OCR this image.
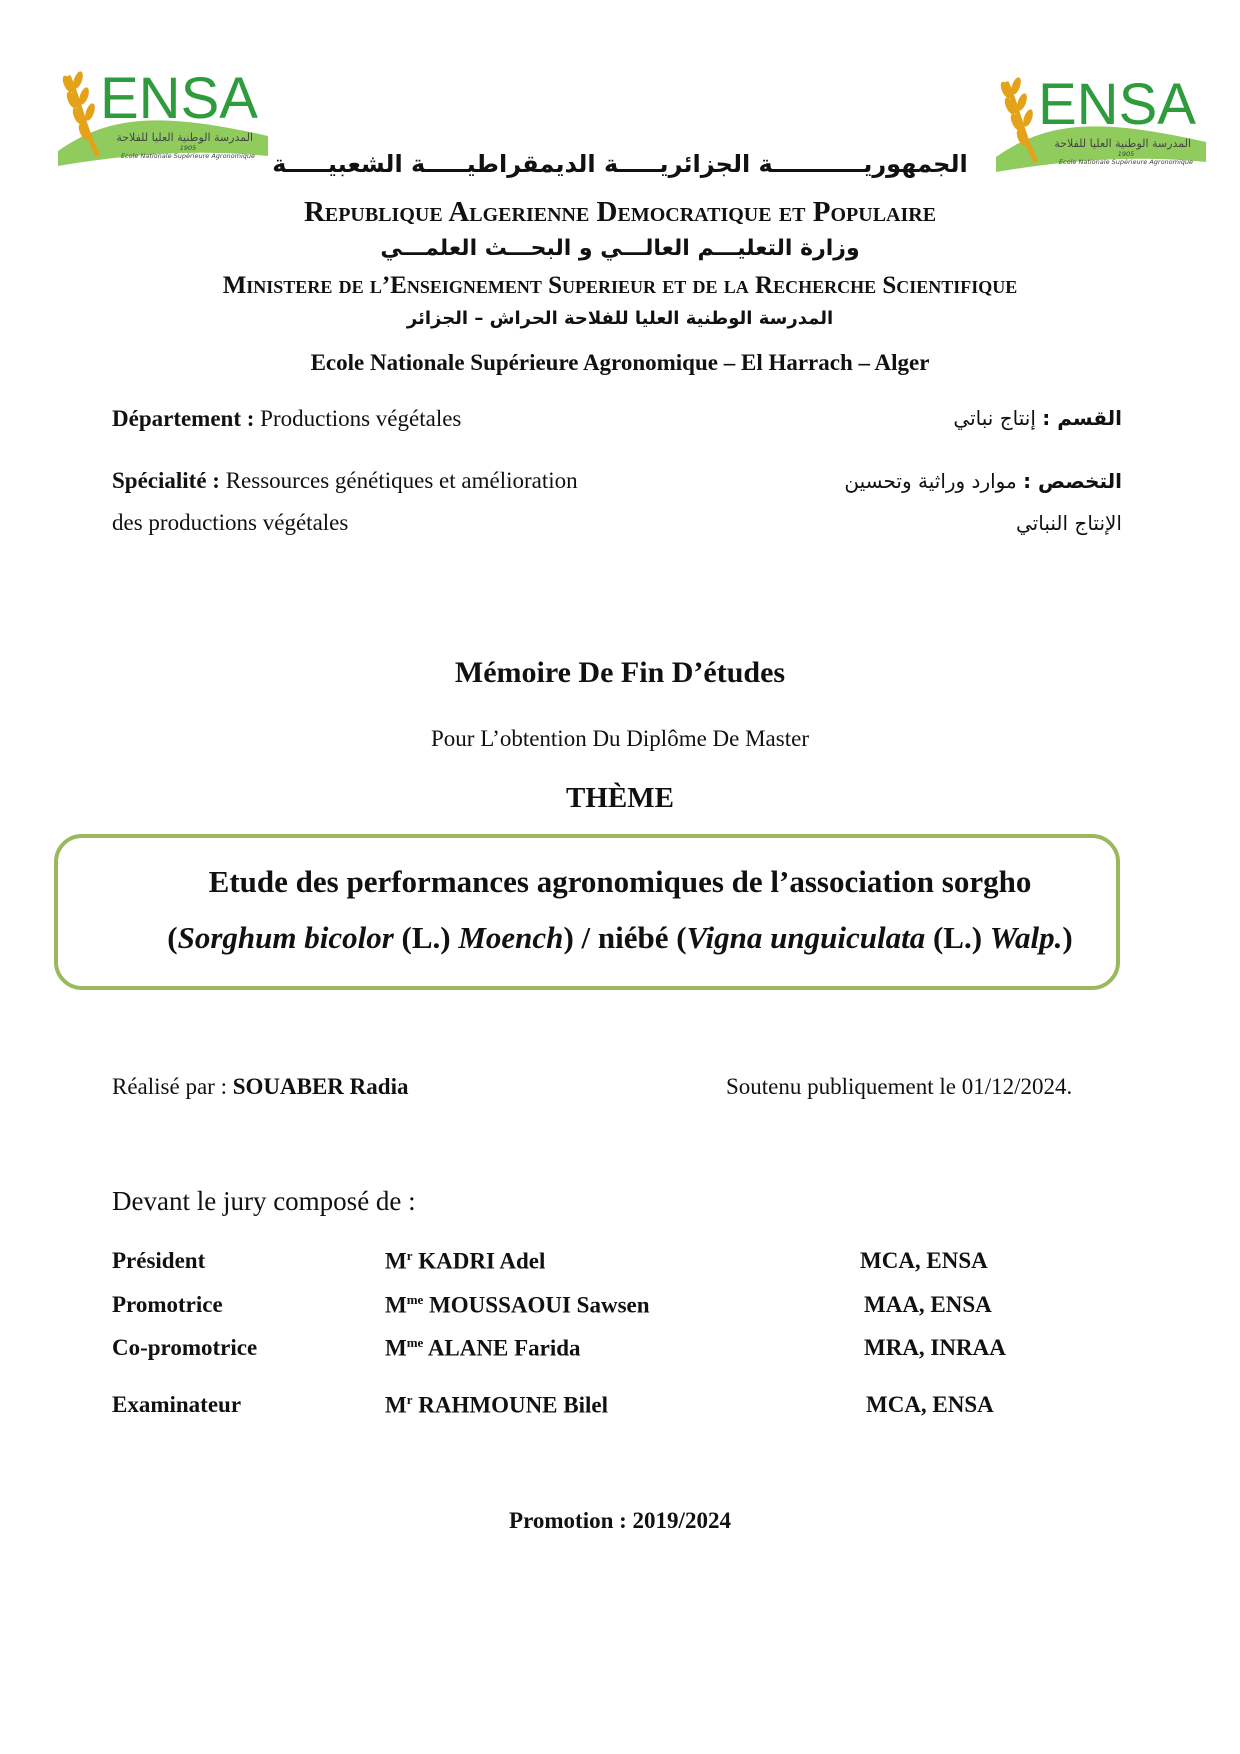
ENSA
المدرسة الوطنية العليا للفلاحة
1905
Ecole Nationale Supérieure Agronomique
ENSA
المدرسة الوطنية العليا للفلاحة
1905
Ecole Nationale Supérieure Agronomique
الجمهوريـــــــــــة الجزائريـــــة الديمقراطيـــــة الشعبيـــــة
Republique Algerienne Democratique et Populaire
وزارة التعليـــم العالـــي و البحـــث العلمـــي
Ministere de l’Enseignement Superieur et de la Recherche Scientifique
المدرسة الوطنية العليا للفلاحة الحراش – الجزائر
Ecole Nationale Supérieure Agronomique – El Harrach – Alger
Département : Productions végétales	القسم : إنتاج نباتي
Spécialité : Ressources génétiques et amélioration
des productions végétales
التخصص : موارد وراثية وتحسين
الإنتاج النباتي
Mémoire De Fin D’études
Pour L’obtention Du Diplôme De Master
THÈME
Etude des performances agronomiques de l’association sorgho
(Sorghum bicolor (L.) Moench) / niébé (Vigna unguiculata (L.) Walp.)
Réalisé par : SOUABER Radia	Soutenu publiquement le 01/12/2024.
Devant le jury composé de :
Président	$M^r$ KADRI Adel	MCA, ENSA
Promotrice	$M^{me}$ MOUSSAOUI Sawsen	MAA, ENSA
Co-promotrice	$M^{me}$ ALANE Farida	MRA, INRAA
Examinateur	$M^r$ RAHMOUNE Bilel	MCA, ENSA
Promotion : 2019/2024
